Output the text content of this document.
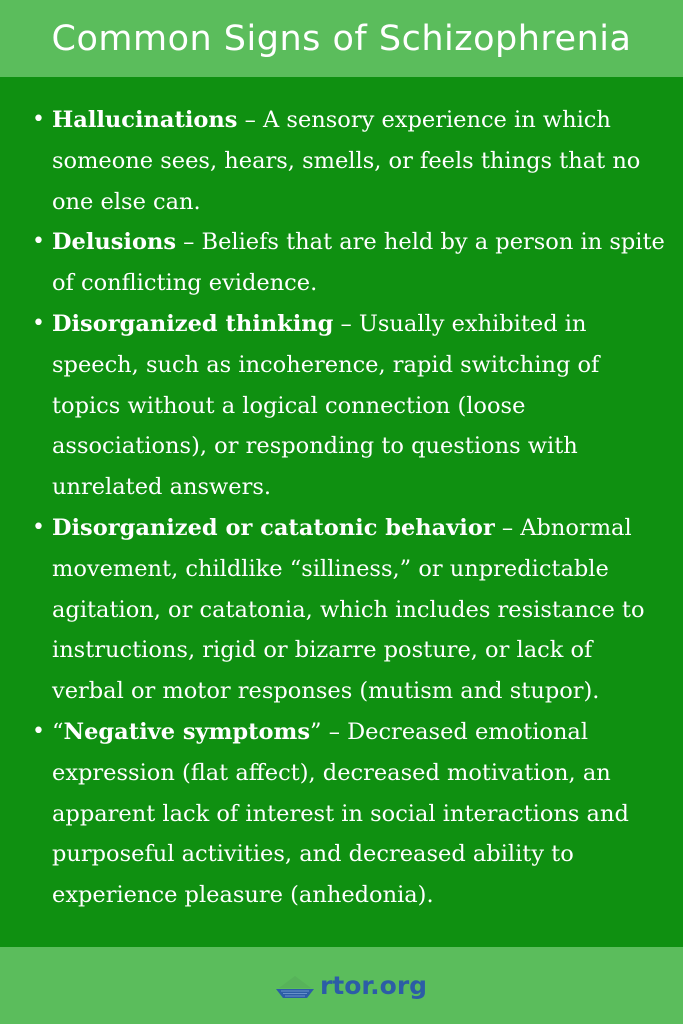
Common Signs of Schizophrenia
• Hallucinations – A sensory experience in which someone sees, hears, smells, or feels things that no one else can.
• Delusions – Beliefs that are held by a person in spite of conflicting evidence.
• Disorganized thinking – Usually exhibited in speech, such as incoherence, rapid switching of topics without a logical connection (loose associations), or responding to questions with unrelated answers.
• Disorganized or catatonic behavior – Abnormal movement, childlike “silliness,” or unpredictable agitation, or catatonia, which includes resistance to instructions, rigid or bizarre posture, or lack of verbal or motor responses (mutism and stupor).
• “Negative symptoms” – Decreased emotional expression (flat affect), decreased motivation, an apparent lack of interest in social interactions and purposeful activities, and decreased ability to experience pleasure (anhedonia).
rtor.org
